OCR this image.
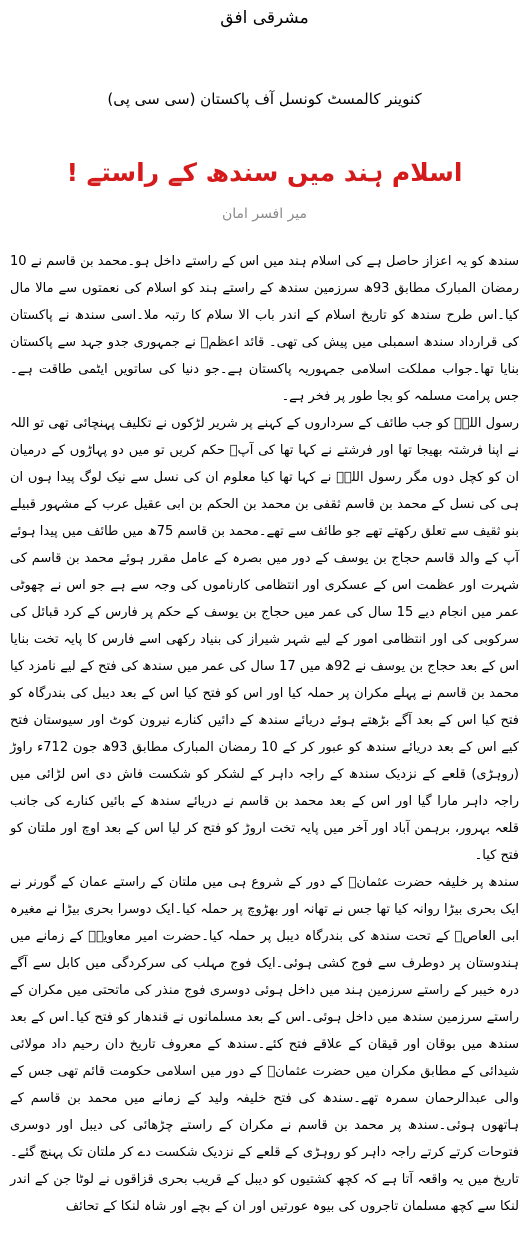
مشرقی افق
کنوینر کالمسٹ کونسل آف پاکستان (سی سی پی)
اسلام ہند میں سندھ کے راستے !
میر افسر امان

سندھ کو یہ اعزاز حاصل ہے کی اسلام ہند میں اس کے راستے داخل ہو۔محمد بن قاسم نے 10 رمضان المبارک مطابق 93ھ سرزمین سندھ کے راستے ہند کو اسلام کی نعمتوں سے مالا مال کیا۔اس طرح سندھ کو تاریخ اسلام کے اندر باب الا سلام کا رتبہ ملا۔اسی سندھ نے پاکستان کی قرارداد سندھ اسمبلی میں پیش کی تھی۔ قائد اعظمؒ نے جمہوری جدو جہد سے پاکستان بنایا تھا۔جواب مملکت اسلامی جمہوریہ پاکستان ہے۔جو دنیا کی ساتویں ایٹمی طاقت ہے۔جس پرامت مسلمہ کو بجا طور پر فخر ہے۔

رسول اللہؐ کو جب طائف کے سرداروں کے کہنے پر شریر لڑکوں نے تکلیف پہنچائی تھی تو اللہ نے اپنا فرشتہ بھیجا تھا اور فرشتے نے کہا تھا کی آپؐ حکم کریں تو میں دو پہاڑوں کے درمیان ان کو کچل دوں مگر رسول اللہؐ نے کہا تھا کیا معلوم ان کی نسل سے نیک لوگ پیدا ہوں ان ہی کی نسل کے محمد بن قاسم ثقفی بن محمد بن الحکم بن ابی عقیل عرب کے مشہور قبیلے بنو ثقیف سے تعلق رکھتے تھے جو طائف سے تھے۔محمد بن قاسم 75ھ میں طائف میں پیدا ہوئے آپ کے والد قاسم حجاج بن یوسف کے دور میں بصرہ کے عامل مقرر ہوئے محمد بن قاسم کی شہرت اور عظمت اس کے عسکری اور انتظامی کارناموں کی وجہ سے ہے جو اس نے چھوٹی عمر میں انجام دیے 15 سال کی عمر میں حجاج بن یوسف کے حکم پر فارس کے کرد قبائل کی سرکوبی کی اور انتظامی امور کے لیے شہر شیراز کی بنیاد رکھی اسے فارس کا پایہ تخت بنایا اس کے بعد حجاج بن یوسف نے 92ھ میں 17 سال کی عمر میں سندھ کی فتح کے لیے نامزد کیا محمد بن قاسم نے پہلے مکران پر حملہ کیا اور اس کو فتح کیا اس کے بعد دیبل کی بندرگاہ کو فتح کیا اس کے بعد آگے بڑھتے ہوئے دریائے سندھ کے دائیں کنارے نیرون کوٹ اور سیوستان فتح کیے اس کے بعد دریائے سندھ کو عبور کر کے 10 رمضان المبارک مطابق 93ھ جون 712ء راوڑ (روہڑی) قلعے کے نزدیک سندھ کے راجہ داہر کے لشکر کو شکست فاش دی اس لڑائی میں راجہ داہر مارا گیا اور اس کے بعد محمد بن قاسم نے دریائے سندھ کے بائیں کنارے کی جانب قلعہ بہرور، برہمن آباد اور آخر میں پایہ تخت اروڑ کو فتح کر لیا اس کے بعد اوچ اور ملتان کو فتح کیا۔

سندھ پر خلیفہ حضرت عثمانؓ کے دور کے شروع ہی میں ملتان کے راستے عمان کے گورنر نے ایک بحری بیڑا روانہ کیا تھا جس نے تھانہ اور بھڑوچ پر حملہ کیا۔ایک دوسرا بحری بیڑا نے مغیرہ ابی العاصؓ کے تحت سندھ کی بندرگاہ دیبل پر حملہ کیا۔حضرت امیر معاویہؓ کے زمانے میں ہندوستان پر دوطرف سے فوج کشی ہوئی۔ایک فوج مہلب کی سرکردگی میں کابل سے آگے درہ خیبر کے راستے سرزمین ہند میں داخل ہوئی دوسری فوج منذر کی ماتحتی میں مکران کے راستے سرزمین سندھ میں داخل ہوئی۔اس کے بعد مسلمانوں نے قندھار کو فتح کیا۔اس کے بعد سندھ میں بوقان اور قیقان کے علاقے فتح کئے۔سندھ کے معروف تاریخ دان رحیم داد مولائی شیدائی کے مطابق مکران میں حضرت عثمانؓ کے دور میں اسلامی حکومت قائم تھی جس کے والی عبدالرحمان سمرہ تھے۔سندھ کی فتح خلیفہ ولید کے زمانے میں محمد بن قاسم کے ہاتھوں ہوئی۔سندھ پر محمد بن قاسم نے مکران کے راستے چڑھائی کی دیبل اور دوسری فتوحات کرتے کرتے راجہ داہر کو روہڑی کے قلعے کے نزدیک شکست دے کر ملتان تک پہنچ گئے۔تاریخ میں یہ واقعہ آتا ہے کہ کچھ کشتیوں کو دیبل کے قریب بحری قزاقوں نے لوٹا جن کے اندر لنکا سے کچھ مسلمان تاجروں کی بیوہ عورتیں اور ان کے بچے اور شاہ لنکا کے تحائف
